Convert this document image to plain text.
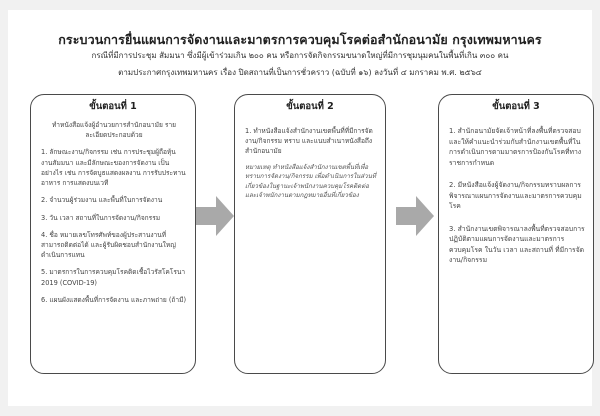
กระบวนการยื่นแผนการจัดงานและมาตรการควบคุมโรคต่อสำนักอนามัย กรุงเทพมหานคร
กรณีที่มีการประชุม สัมมนา ซึ่งมีผู้เข้าร่วมเกิน ๒๐๐ คน หรือการจัดกิจกรรมขนาดใหญ่ที่มีการชุมนุมคนในพื้นที่เกิน ๓๐๐ คน
ตามประกาศกรุงเทพมหานคร เรื่อง ปิดสถานที่เป็นการชั่วคราว (ฉบับที่ ๑๖) ลงวันที่ ๔ มกราคม พ.ศ. ๒๕๖๔
ขั้นตอนที่ 1

ทำหนังสือแจ้งผู้อำนวยการสำนักอนามัย รายละเอียดประกอบด้วย

1. ลักษณะงาน/กิจกรรม เช่น การประชุมผู้ถือหุ้น งานสัมมนา และมีลักษณะของการจัดงาน เป็นอย่างไร เช่น การจัดบูธแสดงผลงาน การรับประทานอาหาร การแสดงบนเวที

2. จำนวนผู้ร่วมงาน และพื้นที่ในการจัดงาน

3. วัน เวลา สถานที่ในการจัดงาน/กิจกรรม

4. ชื่อ หมายเลขโทรศัพท์ของผู้ประสานงานที่สามารถติดต่อได้ และผู้รับผิดชอบสำนักงานใหญ่ดำเนินการแทน

5. มาตรการในการควบคุมโรคติดเชื้อไวรัสโคโรนา 2019 (COVID-19)

6. แผนผังแสดงพื้นที่การจัดงาน และภาพถ่าย (ถ้ามี)

ขั้นตอนที่ 2

1. ทำหนังสือแจ้งสำนักงานเขตพื้นที่ที่มีการจัดงาน/กิจกรรม ทราบ และแนบสำเนาหนังสือถึงสำนักอนามัย

หมายเหตุ ทำหนังสือแจ้งสำนักงานเขตพื้นที่เพื่อทราบการจัดงาน/กิจกรรม เพื่อดำเนินการในส่วนที่เกี่ยวข้องในฐานะเจ้าพนักงานควบคุมโรคติดต่อและเจ้าพนักงานตามกฎหมายอื่นที่เกี่ยวข้อง

ขั้นตอนที่ 3

1. สำนักอนามัยจัดเจ้าหน้าที่ลงพื้นที่ตรวจสอบและให้คำแนะนำร่วมกับสำนักงานเขตพื้นที่ในการดำเนินการตามมาตรการป้องกันโรคที่ทางราชการกำหนด

2. มีหนังสือแจ้งผู้จัดงาน/กิจกรรมทราบผลการพิจารณาแผนการจัดงานและมาตรการควบคุมโรค

3. สำนักงานเขตพิจารณาลงพื้นที่ตรวจสอบการปฏิบัติตามแผนการจัดงานและมาตรการควบคุมโรค ในวัน เวลา และสถานที่ ที่มีการจัดงาน/กิจกรรม
